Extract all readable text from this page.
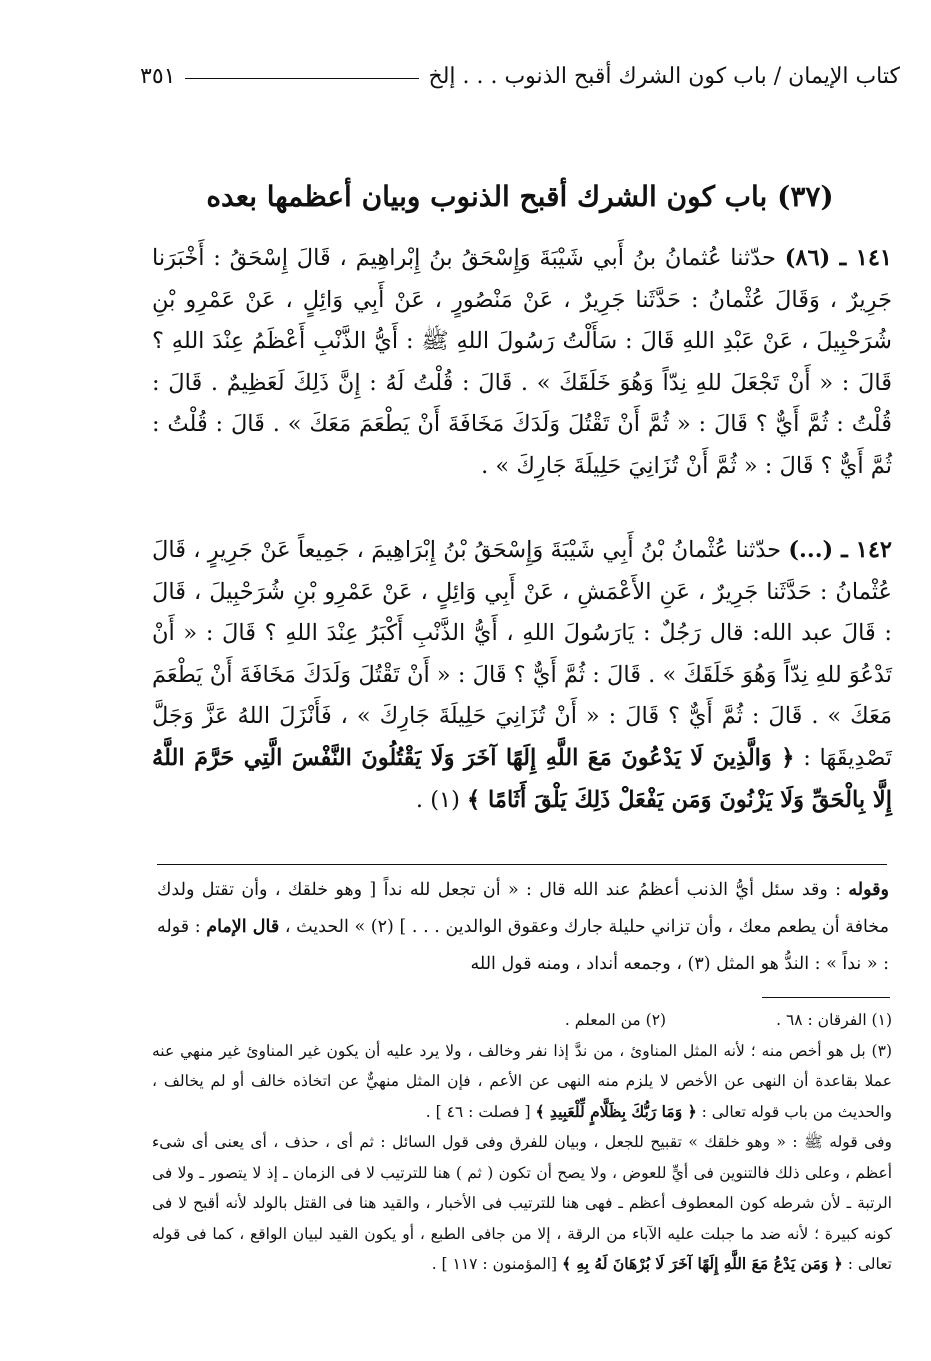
كتاب الإيمان / باب كون الشرك أقبح الذنوب . . . إلخ
٣٥١
(٣٧) باب كون الشرك أقبح الذنوب وبيان أعظمها بعده

١٤١ ـ (٨٦) حدّثنا عُثمانُ بنُ أَبي شَيْبَةَ وَإِسْحَقُ بنُ إِبْراهِيمَ ، قَالَ إِسْحَقُ : أَخْبَرَنا جَرِيرٌ ، وَقَالَ عُثْمانُ : حَدَّثَنا جَرِيرٌ ، عَنْ مَنْصُورٍ ، عَنْ أَبِي وَائِلٍ ، عَنْ عَمْرِو بْنِ شُرَحْبِيلَ ، عَنْ عَبْدِ اللهِ قَالَ : سَأَلْتُ رَسُولَ اللهِ ﷺ : أَيُّ الذَّنْبِ أَعْظَمُ عِنْدَ اللهِ ؟ قَالَ : « أَنْ تَجْعَلَ للهِ نِدّاً وَهُوَ خَلَقَكَ » . قَالَ : قُلْتُ لَهُ : إِنَّ ذَلِكَ لَعَظِيمٌ . قَالَ : قُلْتُ : ثُمَّ أَيٌّ ؟ قَالَ : « ثُمَّ أَنْ تَقْتُلَ وَلَدَكَ مَخَافَةَ أَنْ يَطْعَمَ مَعَكَ » . قَالَ : قُلْتُ : ثُمَّ أَيٌّ ؟ قَالَ : « ثُمَّ أَنْ تُزَانِيَ حَلِيلَةَ جَارِكَ » .

١٤٢ ـ (...) حدّثنا عُثْمانُ بْنُ أَبِي شَيْبَةَ وَإِسْحَقُ بْنُ إِبْرَاهِيمَ ، جَمِيعاً عَنْ جَرِيرٍ ، قَالَ عُثْمانُ : حَدَّثَنا جَرِيرٌ ، عَنِ الأَعْمَشِ ، عَنْ أَبِي وَائِلٍ ، عَنْ عَمْرِو بْنِ شُرَحْبِيلَ ، قَالَ : قَالَ عبد الله: قال رَجُلٌ : يَارَسُولَ اللهِ ، أَيُّ الذَّنْبِ أَكْبَرُ عِنْدَ اللهِ ؟ قَالَ : « أَنْ تَدْعُوَ للهِ نِدّاً وَهُوَ خَلَقَكَ » . قَالَ : ثُمَّ أَيٌّ ؟ قَالَ : « أَنْ تَقْتُلَ وَلَدَكَ مَخَافَةَ أَنْ يَطْعَمَ مَعَكَ » . قَالَ : ثُمَّ أَيٌّ ؟ قَالَ : « أَنْ تُزَانِيَ حَلِيلَةَ جَارِكَ » ، فَأَنْزَلَ اللهُ عَزَّ وَجَلَّ تَصْدِيقَهَا : ﴿ وَالَّذِينَ لَا يَدْعُونَ مَعَ اللَّهِ إِلَهًا آخَرَ وَلَا يَقْتُلُونَ النَّفْسَ الَّتِي حَرَّمَ اللَّهُ إِلَّا بِالْحَقِّ وَلَا يَزْنُونَ وَمَن يَفْعَلْ ذَلِكَ يَلْقَ أَثَامًا ﴾ (١) .

وقوله : وقد سئل أيُّ الذنب أعظمُ عند الله قال : « أن تجعل لله نداً [ وهو خلقك ، وأن تقتل ولدك مخافة أن يطعم معك ، وأن تزاني حليلة جارك وعقوق الوالدين . . . ] (٢) » الحديث ، قال الإمام : قوله : « نداً » : الندُّ هو المثل (٣) ، وجمعه أنداد ، ومنه قول الله

(١) الفرقان : ٦٨ .
(٢) من المعلم .

(٣) بل هو أخص منه ؛ لأنه المثل المناوئ ، من ندَّ إذا نفر وخالف ، ولا يرد عليه أن يكون غير المناوئ غير منهي عنه عملا بقاعدة أن النهى عن الأخص لا يلزم منه النهى عن الأعم ، فإن المثل منهيٌّ عن اتخاذه خالف أو لم يخالف ، والحديث من باب قوله تعالى : ﴿ وَمَا رَبُّكَ بِظَلَّامٍ لِّلْعَبِيدِ ﴾ [ فصلت : ٤٦ ] .

وفى قوله ﷺ : « وهو خلقك » تقبيح للجعل ، وبيان للفرق وفى قول السائل : ثم أى ، حذف ، أى يعنى أى شىء أعظم ، وعلى ذلك فالتنوين فى أيٍّ للعوض ، ولا يصح أن تكون ( ثم ) هنا للترتيب لا فى الزمان ـ إذ لا يتصور ـ ولا فى الرتبة ـ لأن شرطه كون المعطوف أعظم ـ فهى هنا للترتيب فى الأخبار ، والقيد هنا فى القتل بالولد لأنه أقبح لا فى كونه كبيرة ؛ لأنه ضد ما جبلت عليه الآباء من الرقة ، إلا من جافى الطبع ، أو يكون القيد لبيان الواقع ، كما فى قوله تعالى : ﴿ وَمَن يَدْعُ مَعَ اللَّهِ إِلَهًا آخَرَ لَا بُرْهَانَ لَهُ بِهِ ﴾ [المؤمنون : ١١٧ ] .
